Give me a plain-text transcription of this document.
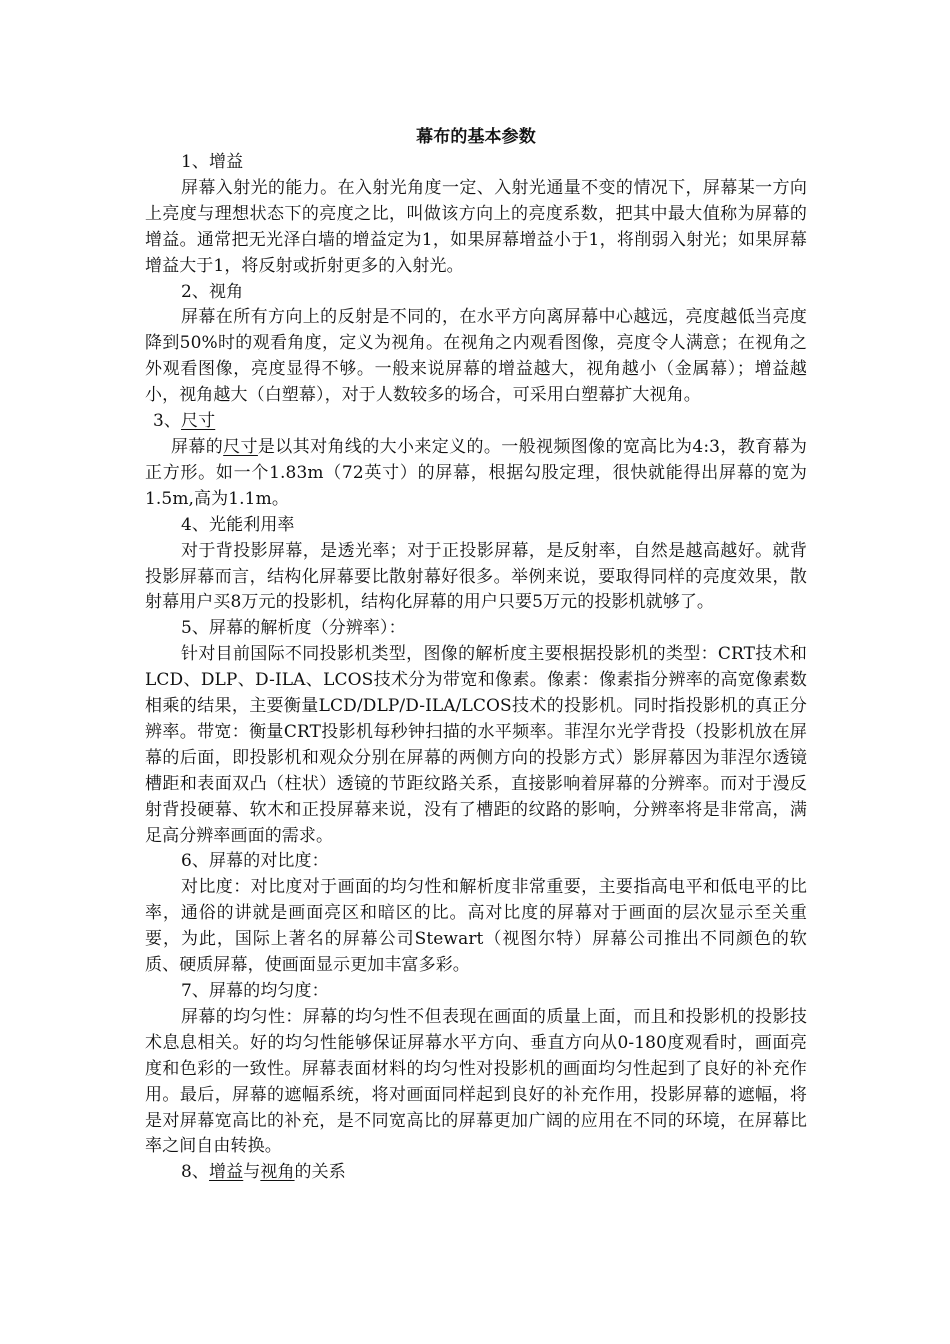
幕布的基本参数

1、增益

屏幕入射光的能力。在入射光角度一定、入射光通量不变的情况下，屏幕某一方向上亮度与理想状态下的亮度之比，叫做该方向上的亮度系数，把其中最大值称为屏幕的增益。通常把无光泽白墙的增益定为1，如果屏幕增益小于1，将削弱入射光；如果屏幕增益大于1，将反射或折射更多的入射光。

2、视角

屏幕在所有方向上的反射是不同的，在水平方向离屏幕中心越远，亮度越低当亮度降到50%时的观看角度，定义为视角。在视角之内观看图像，亮度令人满意；在视角之外观看图像，亮度显得不够。一般来说屏幕的增益越大，视角越小（金属幕）；增益越小，视角越大（白塑幕），对于人数较多的场合，可采用白塑幕扩大视角。

3、尺寸

屏幕的尺寸是以其对角线的大小来定义的。一般视频图像的宽高比为4:3，教育幕为正方形。如一个1.83m（72英寸）的屏幕，根据勾股定理，很快就能得出屏幕的宽为1.5m,高为1.1m。

4、光能利用率

对于背投影屏幕，是透光率；对于正投影屏幕，是反射率，自然是越高越好。就背投影屏幕而言，结构化屏幕要比散射幕好很多。举例来说，要取得同样的亮度效果，散射幕用户买8万元的投影机，结构化屏幕的用户只要5万元的投影机就够了。

5、屏幕的解析度（分辨率）：

针对目前国际不同投影机类型，图像的解析度主要根据投影机的类型：CRT技术和LCD、DLP、D-ILA、LCOS技术分为带宽和像素。像素：像素指分辨率的高宽像素数相乘的结果，主要衡量LCD/DLP/D-ILA/LCOS技术的投影机。同时指投影机的真正分辨率。带宽：衡量CRT投影机每秒钟扫描的水平频率。菲涅尔光学背投（投影机放在屏幕的后面，即投影机和观众分别在屏幕的两侧方向的投影方式）影屏幕因为菲涅尔透镜槽距和表面双凸（柱状）透镜的节距纹路关系，直接影响着屏幕的分辨率。而对于漫反射背投硬幕、软木和正投屏幕来说，没有了槽距的纹路的影响，分辨率将是非常高，满足高分辨率画面的需求。

6、屏幕的对比度：

对比度：对比度对于画面的均匀性和解析度非常重要，主要指高电平和低电平的比率，通俗的讲就是画面亮区和暗区的比。高对比度的屏幕对于画面的层次显示至关重要，为此，国际上著名的屏幕公司Stewart（视图尔特）屏幕公司推出不同颜色的软质、硬质屏幕，使画面显示更加丰富多彩。

7、屏幕的均匀度：

屏幕的均匀性：屏幕的均匀性不但表现在画面的质量上面，而且和投影机的投影技术息息相关。好的均匀性能够保证屏幕水平方向、垂直方向从0-180度观看时，画面亮度和色彩的一致性。屏幕表面材料的均匀性对投影机的画面均匀性起到了良好的补充作用。最后，屏幕的遮幅系统，将对画面同样起到良好的补充作用，投影屏幕的遮幅，将是对屏幕宽高比的补充，是不同宽高比的屏幕更加广阔的应用在不同的环境，在屏幕比率之间自由转换。

8、增益与视角的关系
